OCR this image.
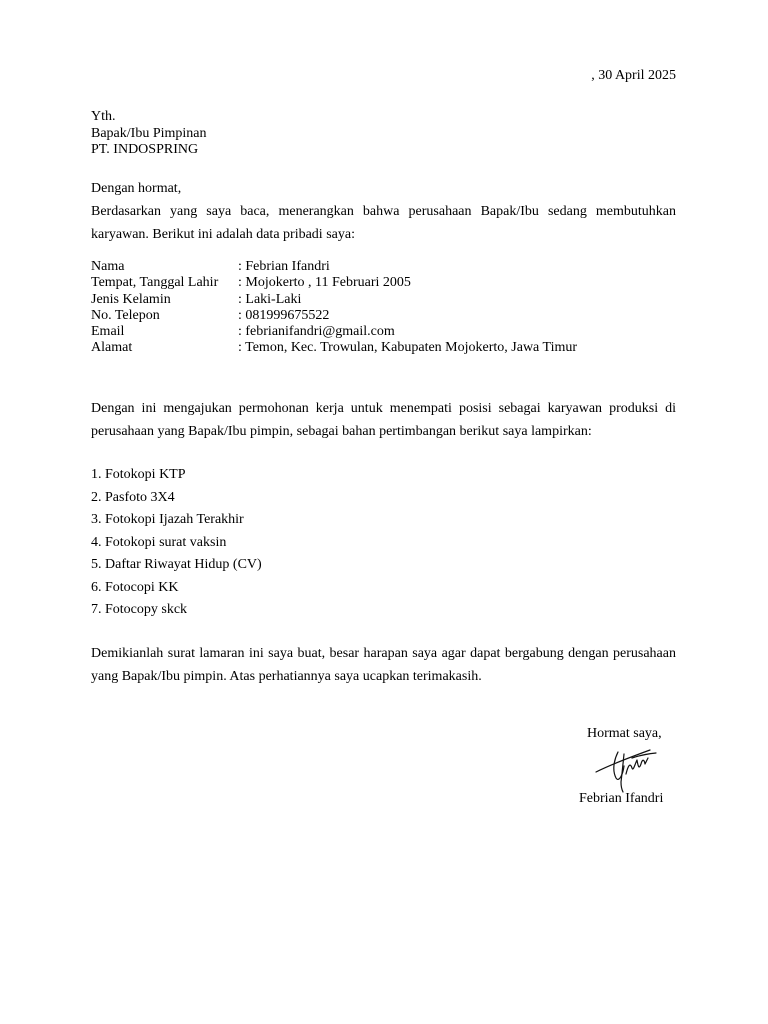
, 30 April 2025
Yth.
Bapak/Ibu Pimpinan
PT. INDOSPRING
Dengan hormat,
Berdasarkan yang saya baca, menerangkan bahwa perusahaan Bapak/Ibu sedang membutuhkan karyawan. Berikut ini adalah data pribadi saya:
Nama	: Febrian Ifandri
Tempat, Tanggal Lahir	: Mojokerto , 11 Februari 2005
Jenis Kelamin	: Laki-Laki
No. Telepon	: 081999675522
Email	: febrianifandri@gmail.com
Alamat	: Temon, Kec. Trowulan, Kabupaten Mojokerto, Jawa Timur
Dengan ini mengajukan permohonan kerja untuk menempati posisi sebagai karyawan produksi di perusahaan yang Bapak/Ibu pimpin, sebagai bahan pertimbangan berikut saya lampirkan:
1. Fotokopi KTP
2. Pasfoto 3X4
3. Fotokopi Ijazah Terakhir
4. Fotokopi surat vaksin
5. Daftar Riwayat Hidup (CV)
6. Fotocopi KK
7. Fotocopy skck
Demikianlah surat lamaran ini saya buat, besar harapan saya agar dapat bergabung dengan perusahaan yang Bapak/Ibu pimpin. Atas perhatiannya saya ucapkan terimakasih.
Hormat saya,
Febrian Ifandri
